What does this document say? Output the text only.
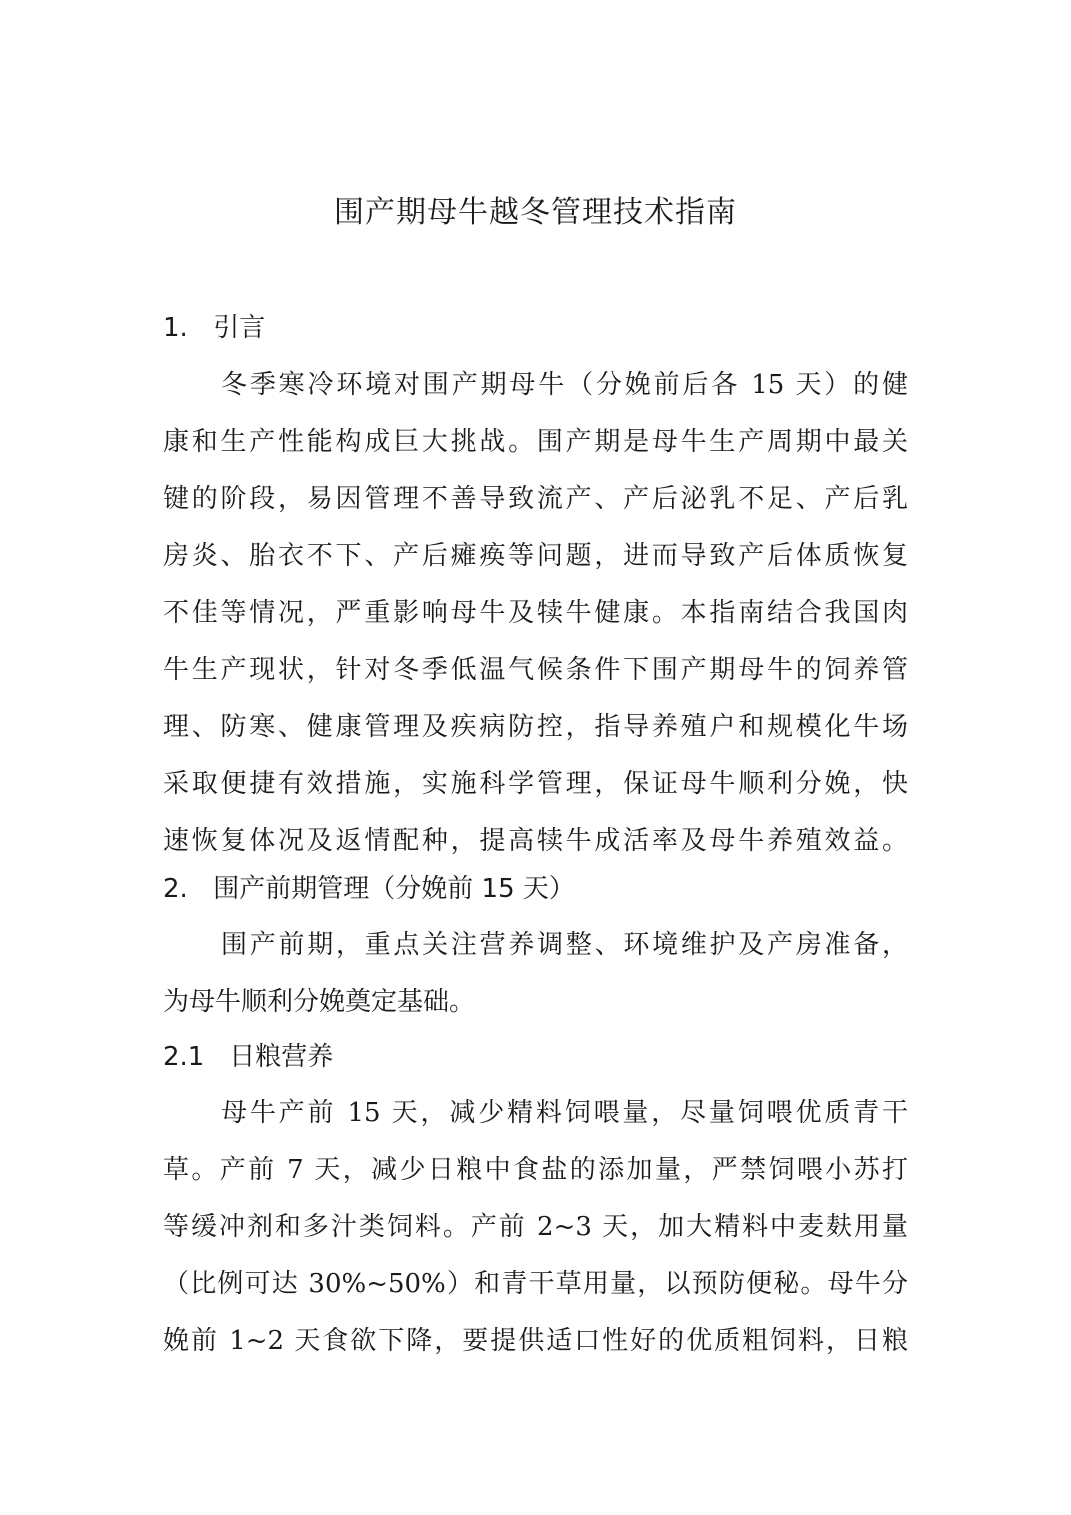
围产期母牛越冬管理技术指南
1. 引言
冬季寒冷环境对围产期母牛（分娩前后各 15 天）的健
康和生产性能构成巨大挑战。围产期是母牛生产周期中最关
键的阶段，易因管理不善导致流产、产后泌乳不足、产后乳
房炎、胎衣不下、产后瘫痪等问题，进而导致产后体质恢复
不佳等情况，严重影响母牛及犊牛健康。本指南结合我国肉
牛生产现状，针对冬季低温气候条件下围产期母牛的饲养管
理、防寒、健康管理及疾病防控，指导养殖户和规模化牛场
采取便捷有效措施，实施科学管理，保证母牛顺利分娩，快
速恢复体况及返情配种，提高犊牛成活率及母牛养殖效益。
2. 围产前期管理（分娩前 15 天）
围产前期，重点关注营养调整、环境维护及产房准备，
为母牛顺利分娩奠定基础。
2.1 日粮营养
母牛产前 15 天，减少精料饲喂量，尽量饲喂优质青干
草。产前 7 天，减少日粮中食盐的添加量，严禁饲喂小苏打
等缓冲剂和多汁类饲料。产前 2~3 天，加大精料中麦麸用量
（比例可达 30%~50%）和青干草用量，以预防便秘。母牛分
娩前 1~2 天食欲下降，要提供适口性好的优质粗饲料，日粮
